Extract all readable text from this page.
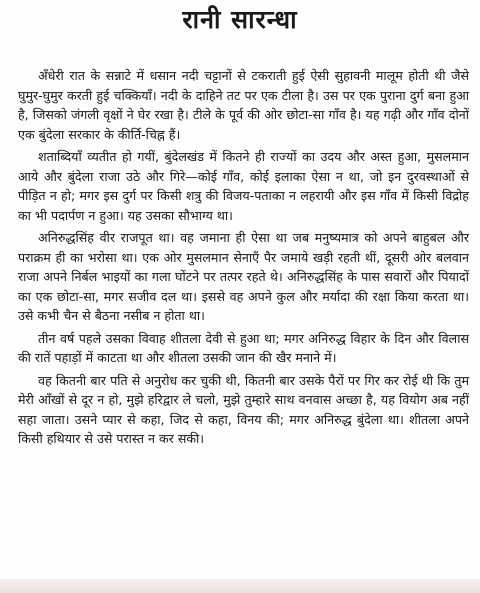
रानी सारन्धा

अँधेरी रात के सन्नाटे में धसान नदी चट्टानों से टकराती हुई ऐसी सुहावनी मालूम होती थी जैसे घुमुर-घुमुर करती हुई चक्कियाँ। नदी के दाहिने तट पर एक टीला है। उस पर एक पुराना दुर्ग बना हुआ है, जिसको जंगली वृक्षों ने घेर रखा है। टीले के पूर्व की ओर छोटा-सा गाँव है। यह गढ़ी और गाँव दोनों एक बुंदेला सरकार के कीर्ति-चिह्न हैं।

शताब्दियाँ व्यतीत हो गयीं, बुंदेलखंड में कितने ही राज्यों का उदय और अस्त हुआ, मुसलमान आये और बुंदेला राजा उठे और गिरे—कोई गाँव, कोई इलाका ऐसा न था, जो इन दुरवस्थाओं से पीड़ित न हो; मगर इस दुर्ग पर किसी शत्रु की विजय-पताका न लहरायी और इस गाँव में किसी विद्रोह का भी पदार्पण न हुआ। यह उसका सौभाग्य था।

अनिरुद्धसिंह वीर राजपूत था। वह जमाना ही ऐसा था जब मनुष्यमात्र को अपने बाहुबल और पराक्रम ही का भरोसा था। एक ओर मुसलमान सेनाएँ पैर जमाये खड़ी रहती थीं, दूसरी ओर बलवान राजा अपने निर्बल भाइयों का गला घोंटने पर तत्पर रहते थे। अनिरुद्धसिंह के पास सवारों और पियादों का एक छोटा-सा, मगर सजीव दल था। इससे वह अपने कुल और मर्यादा की रक्षा किया करता था। उसे कभी चैन से बैठना नसीब न होता था।

तीन वर्ष पहले उसका विवाह शीतला देवी से हुआ था; मगर अनिरुद्ध विहार के दिन और विलास की रातें पहाड़ों में काटता था और शीतला उसकी जान की खैर मनाने में।

वह कितनी बार पति से अनुरोध कर चुकी थी, कितनी बार उसके पैरों पर गिर कर रोई थी कि तुम मेरी आँखों से दूर न हो, मुझे हरिद्वार ले चलो, मुझे तुम्हारे साथ वनवास अच्छा है, यह वियोग अब नहीं सहा जाता। उसने प्यार से कहा, जिद से कहा, विनय की; मगर अनिरुद्ध बुंदेला था। शीतला अपने किसी हथियार से उसे परास्त न कर सकी।
